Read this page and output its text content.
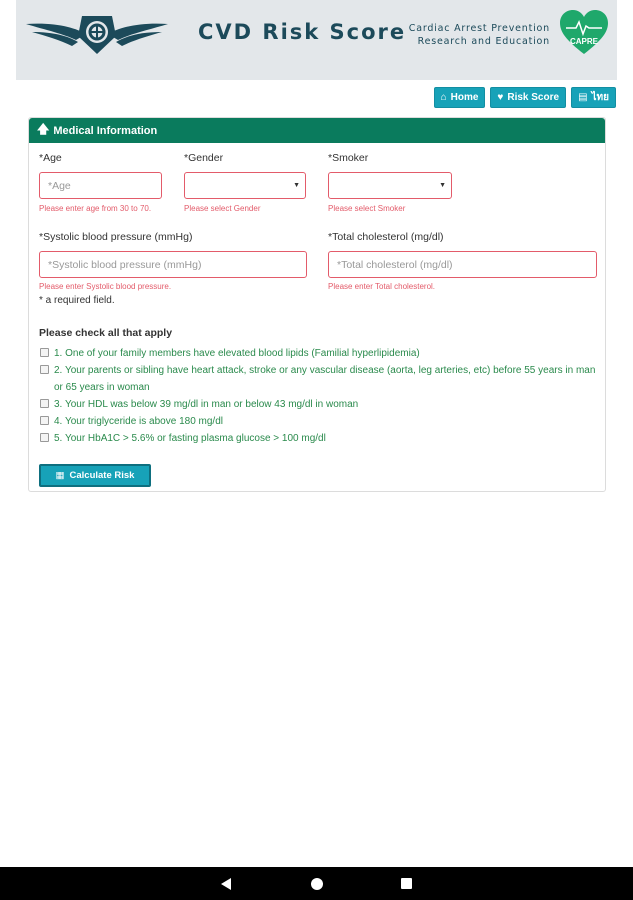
CVD Risk Score Cardiac Arrest Prevention
Research and Education CAPRE
⌂ Home ♥ Risk Score ▤ ไทย
🡅 Medical Information
*Age
*Age
Please enter age from 30 to 70.
*Gender
▼
Please select Gender
*Smoker
▼
Please select Smoker
*Systolic blood pressure (mmHg)
*Systolic blood pressure (mmHg)
Please enter Systolic blood pressure.
*Total cholesterol (mg/dl)
*Total cholesterol (mg/dl)
Please enter Total cholesterol.
* a required field.
Please check all that apply
1. One of your family members have elevated blood lipids (Familial hyperlipidemia)
2. Your parents or sibling have heart attack, stroke or any vascular disease (aorta, leg arteries, etc) before 55 years in man or 65 years in woman
3. Your HDL was below 39 mg/dl in man or below 43 mg/dl in woman
4. Your triglyceride is above 180 mg/dl
5. Your HbA1C > 5.6% or fasting plasma glucose > 100 mg/dl
▦ Calculate Risk
